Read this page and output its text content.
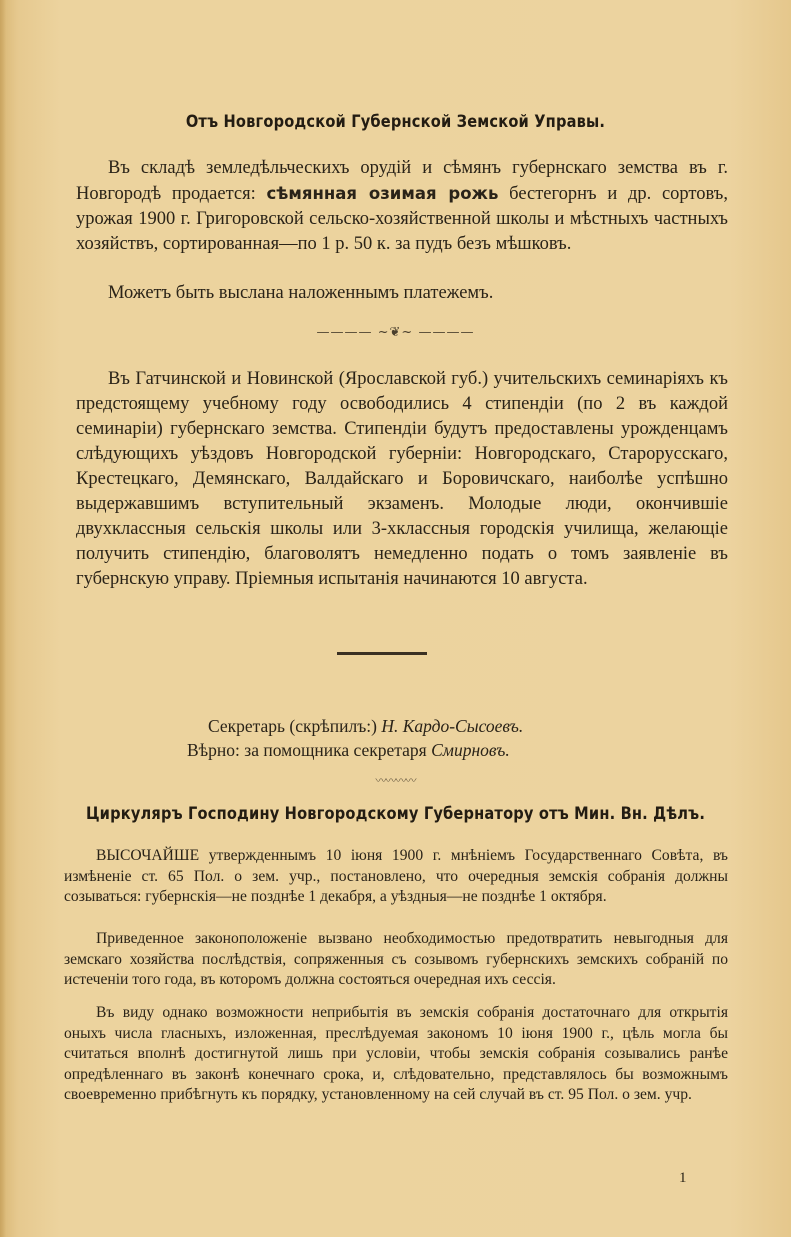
Отъ Новгородской Губернской Земской Управы.
Въ складѣ земледѣльческихъ орудій и сѣмянъ губернскаго земства въ г. Новгородѣ продается: сѣмянная озимая рожь бестегорнъ и др. сортовъ, урожая 1900 г. Григоровской сельско-хозяйственной школы и мѣстныхъ частныхъ хозяйствъ, сортированная—по 1 р. 50 к. за пудъ безъ мѣшковъ.
Можетъ быть выслана наложеннымъ платежемъ.
———— ~❦~ ————
Въ Гатчинской и Новинской (Ярославской губ.) учительскихъ семинаріяхъ къ предстоящему учебному году освободились 4 стипендіи (по 2 въ каждой семинаріи) губернскаго земства. Стипендіи будутъ предоставлены урожденцамъ слѣдующихъ уѣздовъ Новгородской губерніи: Новгородскаго, Старорусскаго, Крестецкаго, Демянскаго, Валдайскаго и Боровичскаго, наиболѣе успѣшно выдержавшимъ вступительный экзаменъ. Молодые люди, окончившіе двухклассныя сельскія школы или 3-хклассныя городскія училища, желающіе получить стипендію, благоволятъ немедленно подать о томъ заявленіе въ губернскую управу. Пріемныя испытанія начинаются 10 августа.
Секретарь (скрѣпилъ:) Н. Кардо-Сысоевъ.
Вѣрно: за помощника секретаря Смирновъ.
〰〰〰〰
Циркуляръ Господину Новгородскому Губернатору отъ Мин. Вн. Дѣлъ.
ВЫСОЧАЙШЕ утвержденнымъ 10 іюня 1900 г. мнѣніемъ Государственнаго Совѣта, въ измѣненіе ст. 65 Пол. о зем. учр., постановлено, что очередныя земскія собранія должны созываться: губернскія—не позднѣе 1 декабря, а уѣздныя—не позднѣе 1 октября.
Приведенное законоположеніе вызвано необходимостью предотвратить невыгодныя для земскаго хозяйства послѣдствія, сопряженныя съ созывомъ губернскихъ земскихъ собраній по истеченіи того года, въ которомъ должна состояться очередная ихъ сессія.
Въ виду однако возможности неприбытія въ земскія собранія достаточнаго для открытія оныхъ числа гласныхъ, изложенная, преслѣдуемая закономъ 10 іюня 1900 г., цѣль могла бы считаться вполнѣ достигнутой лишь при условіи, чтобы земскія собранія созывались ранѣе опредѣленнаго въ законѣ конечнаго срока, и, слѣдовательно, представлялось бы возможнымъ своевременно прибѣгнуть къ порядку, установленному на сей случай въ ст. 95 Пол. о зем. учр.
1
